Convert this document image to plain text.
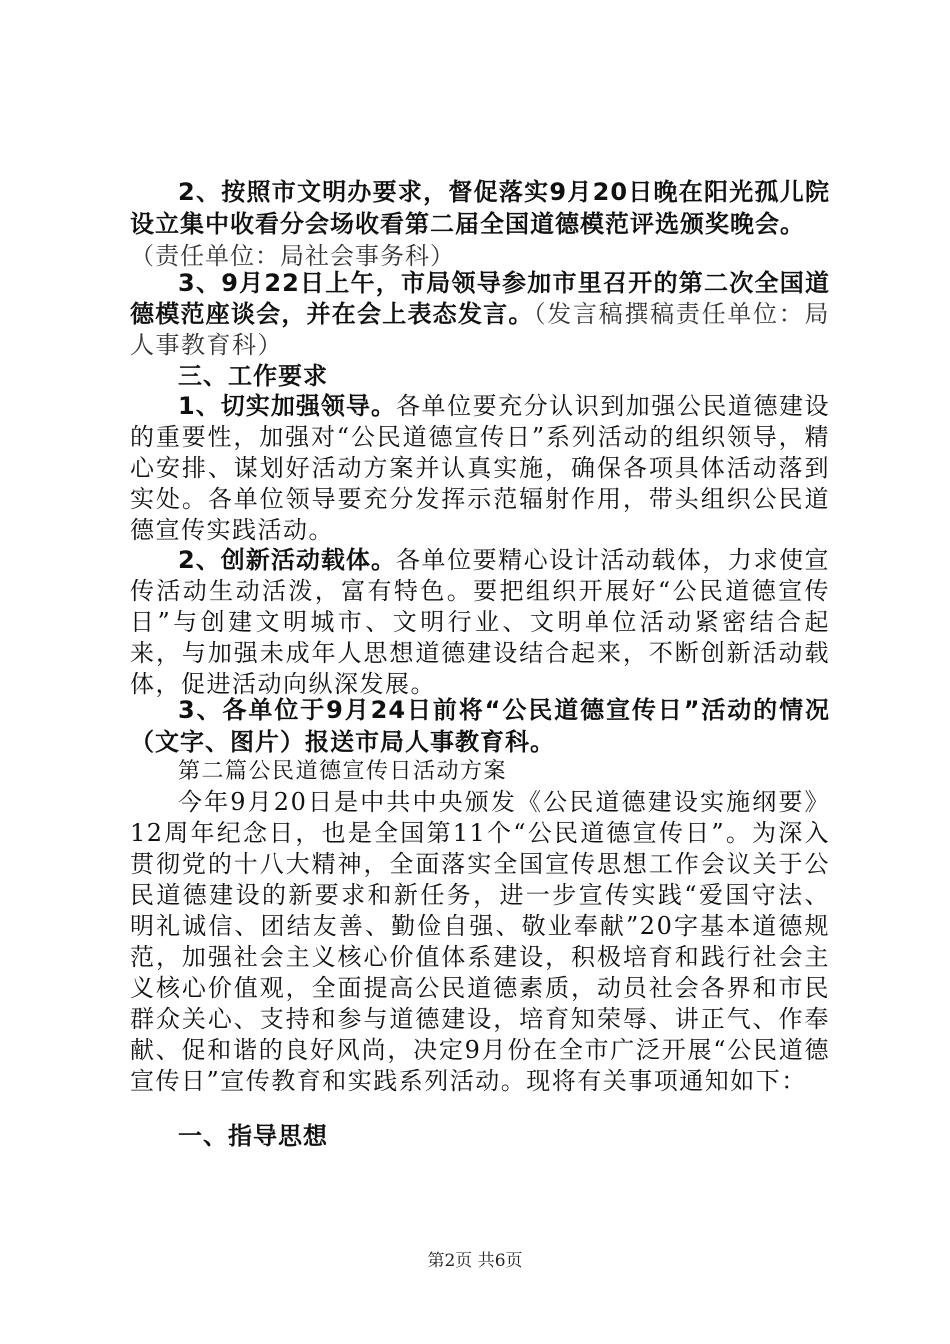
2、按照市文明办要求，督促落实9月20日晚在阳光孤儿院设立集中收看分会场收看第二届全国道德模范评选颁奖晚会。
（责任单位：局社会事务科）

3、9月22日上午，市局领导参加市里召开的第二次全国道德模范座谈会，并在会上表态发言。（发言稿撰稿责任单位：局人事教育科）

三、工作要求

1、切实加强领导。各单位要充分认识到加强公民道德建设的重要性，加强对“公民道德宣传日”系列活动的组织领导，精心安排、谋划好活动方案并认真实施，确保各项具体活动落到实处。各单位领导要充分发挥示范辐射作用，带头组织公民道德宣传实践活动。

2、创新活动载体。各单位要精心设计活动载体，力求使宣传活动生动活泼，富有特色。要把组织开展好“公民道德宣传日”与创建文明城市、文明行业、文明单位活动紧密结合起来，与加强未成年人思想道德建设结合起来，不断创新活动载体，促进活动向纵深发展。

3、各单位于9月24日前将“公民道德宣传日”活动的情况（文字、图片）报送市局人事教育科。

第二篇公民道德宣传日活动方案

今年9月20日是中共中央颁发《公民道德建设实施纲要》12周年纪念日，也是全国第11个“公民道德宣传日”。为深入贯彻党的十八大精神，全面落实全国宣传思想工作会议关于公民道德建设的新要求和新任务，进一步宣传实践“爱国守法、明礼诚信、团结友善、勤俭自强、敬业奉献”20字基本道德规范，加强社会主义核心价值体系建设，积极培育和践行社会主义核心价值观，全面提高公民道德素质，动员社会各界和市民群众关心、支持和参与道德建设，培育知荣辱、讲正气、作奉献、促和谐的良好风尚，决定9月份在全市广泛开展“公民道德宣传日”宣传教育和实践系列活动。现将有关事项通知如下：

一、指导思想

第2页 共6页
